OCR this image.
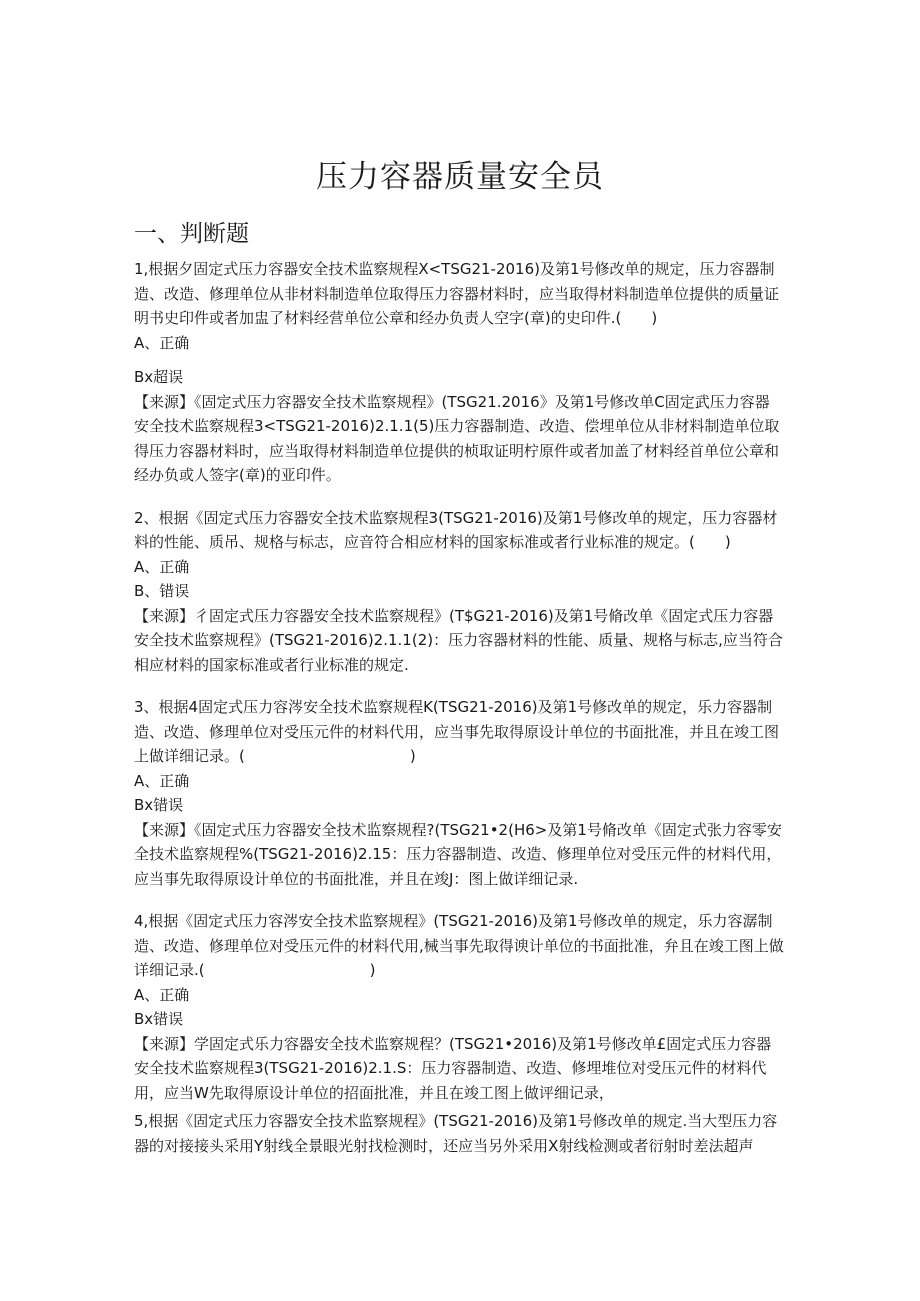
压力容器质量安全员
一、判断题

1,根据夕固定式压力容器安全技术监察规程X<TSG21-2016)及第1号修改单的规定，压力容器制造、改造、修理单位从非材料制造单位取得压力容器材料时，应当取得材料制造单位提供的质量证明书史印件或者加盅了材料经营单位公章和经办负责人空字(章)的史印件.(　　)

A、正确

Bx超误

【来源】《固定式压力容器安全技术监察规程》(TSG21.2016》及第1号修改单C固定武压力容器安全技术监察规程3<TSG21-2016)2.1.1(5)压力容器制造、改造、偿埋单位从非材料制造单位取得压力容器材料时，应当取得材料制造单位提供的桢取证明柠原件或者加盖了材料经首单位公章和经办负或人签字(章)的亚印件。

2、根据《固定式压力容器安全技术监察规程3(TSG21-2016)及第1号修改单的规定，压力容器材料的性能、质吊、规格与标志，应音符合相应材料的国家标准或者行业标准的规定。(　　)

A、正确

B、错误

【来源】彳固定式压力容器安全技术监察规程》(T$G21-2016)及第1号脩改单《固定式压力容器安全技术监察规程》(TSG21-2016)2.1.1(2)：压力容器材料的性能、质量、规格与标志,应当符合相应材料的国家标准或者行业标准的规定.

3、根据4固定式压力容涔安全技术监察规程K(TSG21-2016)及第1号修改单的规定，乐力容器制造、改造、修理单位对受压元件的材料代用，应当事先取得原设计单位的书面批准，并且在竣工图上做详细记录。(　　　　　　　　　　　)

A、正确

Bx错误

【来源】《固定式压力容器安全技术监察规程?(TSG21•2(H6>及第1号脩改单《固定式张力容零安全技术监察规程%(TSG21-2016)2.15：压力容器制造、改造、修理单位对受压元件的材料代用，应当事先取得原设计单位的书面批准，并且在竣J：图上做详细记录.

4,根据《固定式压力容涔安全技术监察规程》(TSG21-2016)及第1号修改单的规定，乐力容潺制造、改造、修理单位对受压元件的材料代用,械当事先取得谀计单位的书面批准，弁且在竣工图上做详细记录.(　　　　　　　　　　　)

A、正确

Bx错误

【来源】学固定式乐力容器安全技术监察规程？(TSG21•2016)及第1号修改单£固定式压力容器安全技术监察规程3(TSG21-2016)2.1.S：压力容器制造、改造、修埋堆位对受压元件的材料代用，应当W先取得原设计单位的招面批准，并且在竣工图上做评细记录，

5,根据《固定式压力容器安全技术监察规程》(TSG21-2016)及第1号修改单的规定.当大型压力容器的对接接头采用Y射线全景眼光射找检测时，还应当另外采用X射线检测或者衍射时差法超声
